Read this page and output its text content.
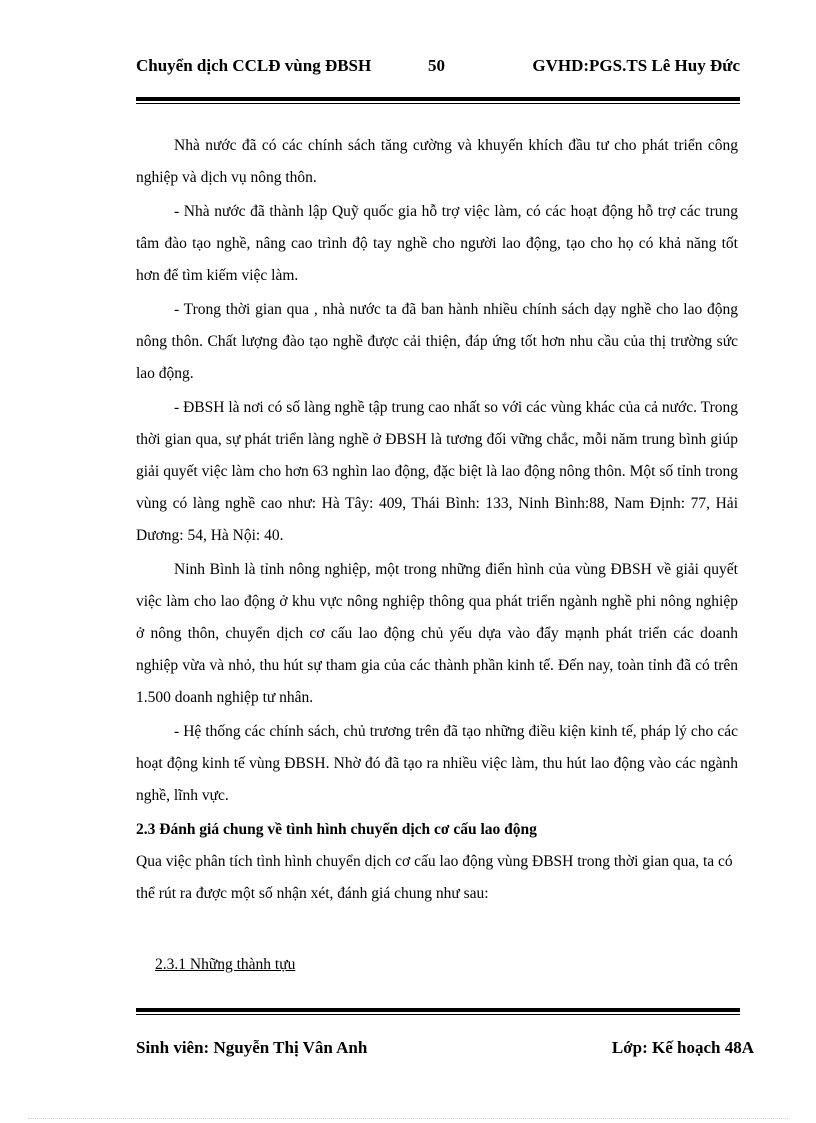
Chuyển dịch CCLĐ vùng ĐBSH	50	GVHD:PGS.TS Lê Huy Đức

Nhà nước đã có các chính sách tăng cường và khuyến khích đầu tư cho phát triển công nghiệp và dịch vụ nông thôn.

- Nhà nước đã thành lập Quỹ quốc gia hỗ trợ việc làm, có các hoạt động hỗ trợ các trung tâm đào tạo nghề, nâng cao trình độ tay nghề cho người lao động, tạo cho họ có khả năng tốt hơn để tìm kiếm việc làm.

- Trong thời gian qua , nhà nước ta đã ban hành nhiều chính sách dạy nghề cho lao động nông thôn. Chất lượng đào tạo nghề được cải thiện, đáp ứng tốt hơn nhu cầu của thị trường sức lao động.

- ĐBSH là nơi có số làng nghề tập trung cao nhất so với các vùng khác của cả nước. Trong thời gian qua, sự phát triển làng nghề ở ĐBSH là tương đối vững chắc, mỗi năm trung bình giúp giải quyết việc làm cho hơn 63 nghìn lao động, đặc biệt là lao động nông thôn. Một số tỉnh trong vùng có làng nghề cao như: Hà Tây: 409, Thái Bình: 133, Ninh Bình:88, Nam Định: 77, Hải Dương: 54, Hà Nội: 40.

Ninh Bình là tỉnh nông nghiệp, một trong những điển hình của vùng ĐBSH về giải quyết việc làm cho lao động ở khu vực nông nghiệp thông qua phát triển ngành nghề phi nông nghiệp ở nông thôn, chuyển dịch cơ cấu lao động chủ yếu dựa vào đẩy mạnh phát triển các doanh nghiệp vừa và nhỏ, thu hút sự tham gia của các thành phần kinh tế. Đến nay, toàn tỉnh đã có trên 1.500 doanh nghiệp tư nhân.

- Hệ thống các chính sách, chủ trương trên đã tạo những điều kiện kinh tế, pháp lý cho các hoạt động kinh tế vùng ĐBSH. Nhờ đó đã tạo ra nhiều việc làm, thu hút lao động vào các ngành nghề, lĩnh vực.

2.3 Đánh giá chung về tình hình chuyển dịch cơ cấu lao động

Qua việc phân tích tình hình chuyển dịch cơ cấu lao động vùng ĐBSH trong thời gian qua, ta có thể rút ra được một số nhận xét, đánh giá chung như sau:

2.3.1 Những thành tựu
Sinh viên: Nguyễn Thị Vân Anh	Lớp: Kế hoạch 48A
